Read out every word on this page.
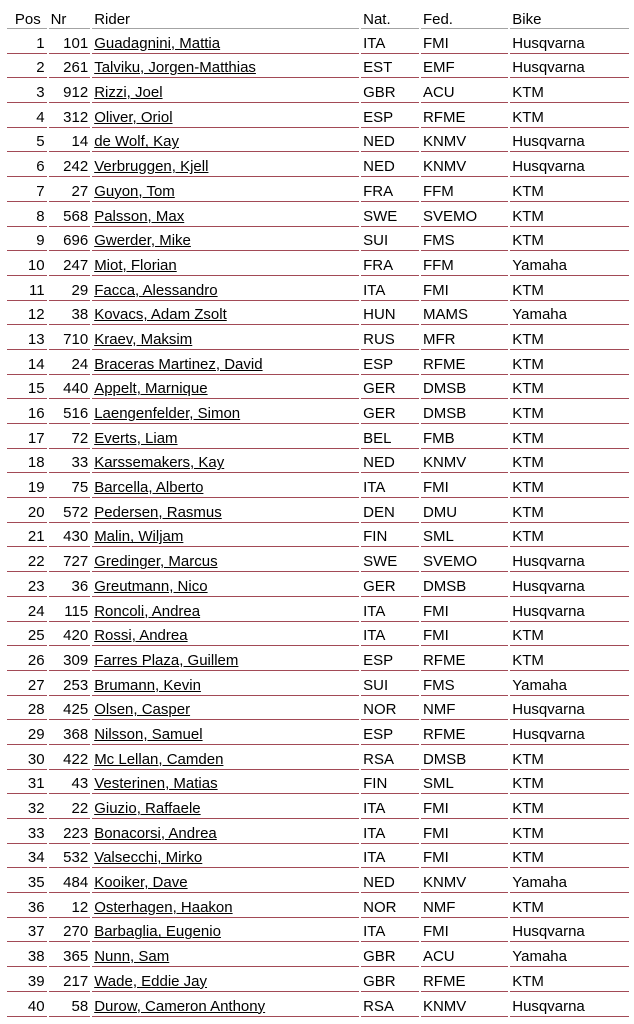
Pos	Nr	Rider	Nat.	Fed.	Bike
1	101	Guadagnini, Mattia	ITA	FMI	Husqvarna
2	261	Talviku, Jorgen-Matthias	EST	EMF	Husqvarna
3	912	Rizzi, Joel	GBR	ACU	KTM
4	312	Oliver, Oriol	ESP	RFME	KTM
5	14	de Wolf, Kay	NED	KNMV	Husqvarna
6	242	Verbruggen, Kjell	NED	KNMV	Husqvarna
7	27	Guyon, Tom	FRA	FFM	KTM
8	568	Palsson, Max	SWE	SVEMO	KTM
9	696	Gwerder, Mike	SUI	FMS	KTM
10	247	Miot, Florian	FRA	FFM	Yamaha
11	29	Facca, Alessandro	ITA	FMI	KTM
12	38	Kovacs, Adam Zsolt	HUN	MAMS	Yamaha
13	710	Kraev, Maksim	RUS	MFR	KTM
14	24	Braceras Martinez, David	ESP	RFME	KTM
15	440	Appelt, Marnique	GER	DMSB	KTM
16	516	Laengenfelder, Simon	GER	DMSB	KTM
17	72	Everts, Liam	BEL	FMB	KTM
18	33	Karssemakers, Kay	NED	KNMV	KTM
19	75	Barcella, Alberto	ITA	FMI	KTM
20	572	Pedersen, Rasmus	DEN	DMU	KTM
21	430	Malin, Wiljam	FIN	SML	KTM
22	727	Gredinger, Marcus	SWE	SVEMO	Husqvarna
23	36	Greutmann, Nico	GER	DMSB	Husqvarna
24	115	Roncoli, Andrea	ITA	FMI	Husqvarna
25	420	Rossi, Andrea	ITA	FMI	KTM
26	309	Farres Plaza, Guillem	ESP	RFME	KTM
27	253	Brumann, Kevin	SUI	FMS	Yamaha
28	425	Olsen, Casper	NOR	NMF	Husqvarna
29	368	Nilsson, Samuel	ESP	RFME	Husqvarna
30	422	Mc Lellan, Camden	RSA	DMSB	KTM
31	43	Vesterinen, Matias	FIN	SML	KTM
32	22	Giuzio, Raffaele	ITA	FMI	KTM
33	223	Bonacorsi, Andrea	ITA	FMI	KTM
34	532	Valsecchi, Mirko	ITA	FMI	KTM
35	484	Kooiker, Dave	NED	KNMV	Yamaha
36	12	Osterhagen, Haakon	NOR	NMF	KTM
37	270	Barbaglia, Eugenio	ITA	FMI	Husqvarna
38	365	Nunn, Sam	GBR	ACU	Yamaha
39	217	Wade, Eddie Jay	GBR	RFME	KTM
40	58	Durow, Cameron Anthony	RSA	KNMV	Husqvarna
